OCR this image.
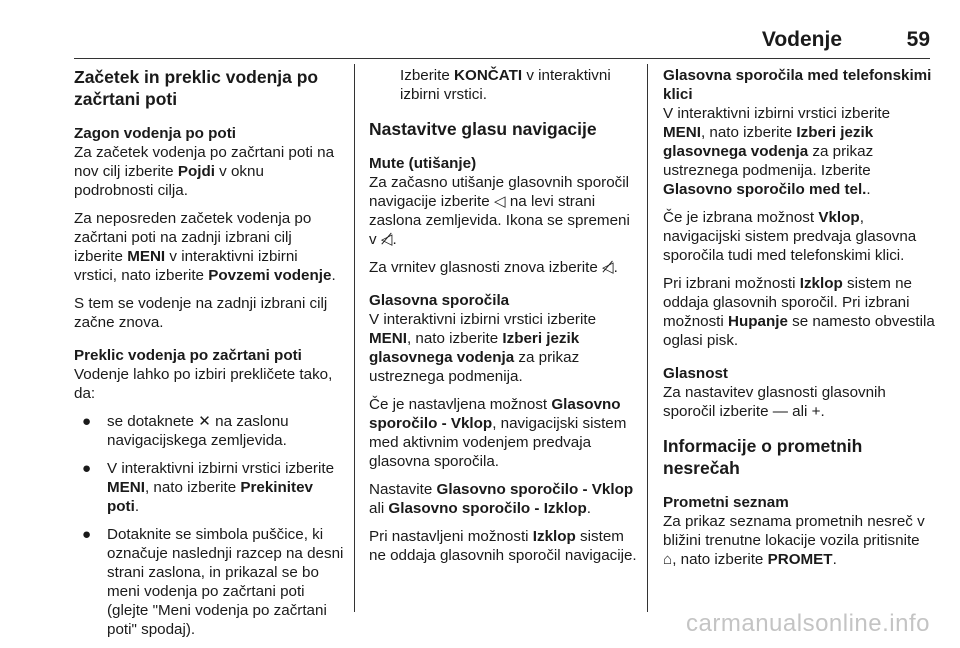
Vodenje	59
Začetek in preklic vodenja po začrtani poti

Zagon vodenja po poti
Za začetek vodenja po začrtani poti na nov cilj izberite Pojdi v oknu podrobnosti cilja.

Za neposreden začetek vodenja po začrtani poti na zadnji izbrani cilj izberite MENI v interaktivni izbirni vrstici, nato izberite Povzemi vodenje.

S tem se vodenje na zadnji izbrani cilj začne znova.

Preklic vodenja po začrtani poti
Vodenje lahko po izbiri prekličete tako, da:

● se dotaknete ✕ na zaslonu navigacijskega zemljevida.
● V interaktivni izbirni vrstici izberite MENI, nato izberite Prekinitev poti.
● Dotaknite se simbola puščice, ki označuje naslednji razcep na desni strani zaslona, in prikazal se bo meni vodenja po začrtani poti (glejte "Meni vodenja po začrtani poti" spodaj).

Izberite KONČATI v interaktivni izbirni vrstici.

Nastavitve glasu navigacije

Mute (utišanje)
Za začasno utišanje glasovnih sporočil navigacije izberite ◁ na levi strani zaslona zemljevida. Ikona se spremeni v ◁̸.

Za vrnitev glasnosti znova izberite ◁̸.

Glasovna sporočila
V interaktivni izbirni vrstici izberite MENI, nato izberite Izberi jezik glasovnega vodenja za prikaz ustreznega podmenija.

Če je nastavljena možnost Glasovno sporočilo - Vklop, navigacijski sistem med aktivnim vodenjem predvaja glasovna sporočila.

Nastavite Glasovno sporočilo - Vklop ali Glasovno sporočilo - Izklop.

Pri nastavljeni možnosti Izklop sistem ne oddaja glasovnih sporočil navigacije.

Glasovna sporočila med telefonskimi klici
V interaktivni izbirni vrstici izberite MENI, nato izberite Izberi jezik glasovnega vodenja za prikaz ustreznega podmenija. Izberite Glasovno sporočilo med tel..

Če je izbrana možnost Vklop, navigacijski sistem predvaja glasovna sporočila tudi med telefonskimi klici.

Pri izbrani možnosti Izklop sistem ne oddaja glasovnih sporočil. Pri izbrani možnosti Hupanje se namesto obvestila oglasi pisk.

Glasnost
Za nastavitev glasnosti glasovnih sporočil izberite — ali +.

Informacije o prometnih nesrečah

Prometni seznam
Za prikaz seznama prometnih nesreč v bližini trenutne lokacije vozila pritisnite ⌂, nato izberite PROMET.

carmanualsonline.info
